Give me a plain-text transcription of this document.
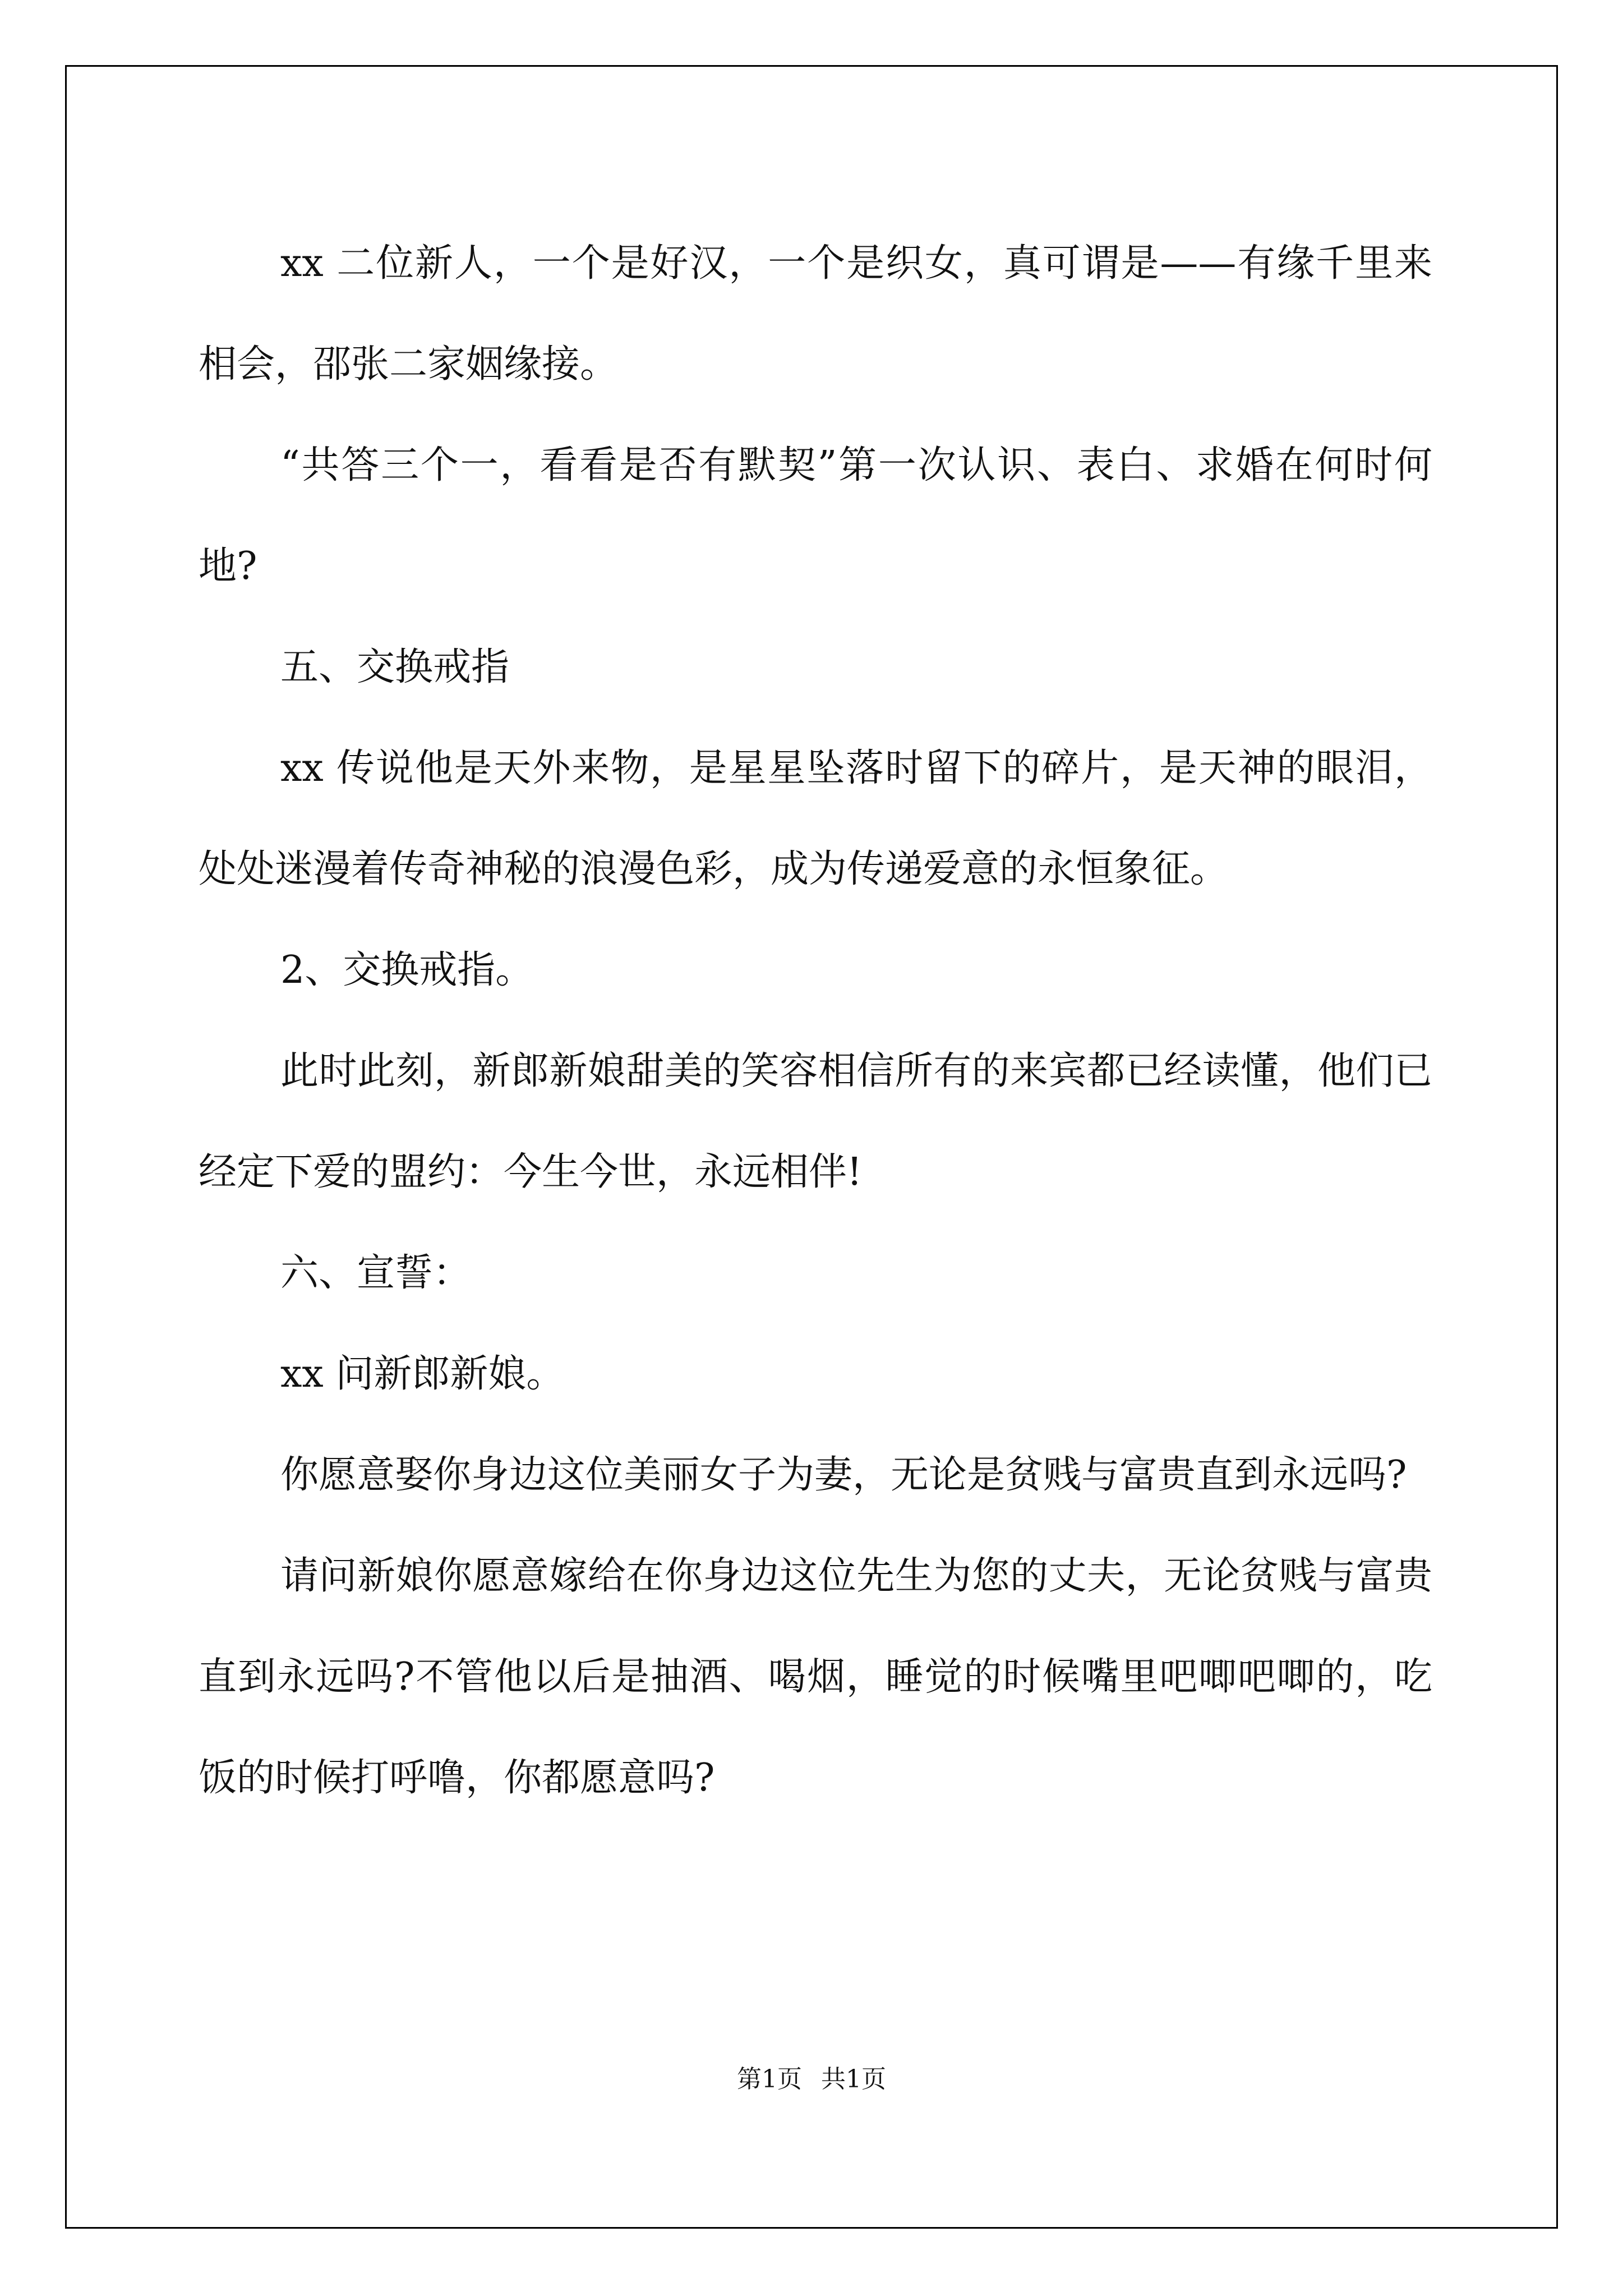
xx 二位新人，一个是好汉，一个是织女，真可谓是——有缘千里来相会，邵张二家姻缘接。

“共答三个一，看看是否有默契”第一次认识、表白、求婚在何时何地?

五、交换戒指

xx 传说他是天外来物，是星星坠落时留下的碎片，是天神的眼泪，处处迷漫着传奇神秘的浪漫色彩，成为传递爱意的永恒象征。

2、交换戒指。

此时此刻，新郎新娘甜美的笑容相信所有的来宾都已经读懂，他们已经定下爱的盟约：今生今世，永远相伴!

六、宣誓：

xx 问新郎新娘。

你愿意娶你身边这位美丽女子为妻，无论是贫贱与富贵直到永远吗?

请问新娘你愿意嫁给在你身边这位先生为您的丈夫，无论贫贱与富贵直到永远吗?不管他以后是抽酒、喝烟，睡觉的时候嘴里吧唧吧唧的，吃饭的时候打呼噜，你都愿意吗?

第1页 共1页
